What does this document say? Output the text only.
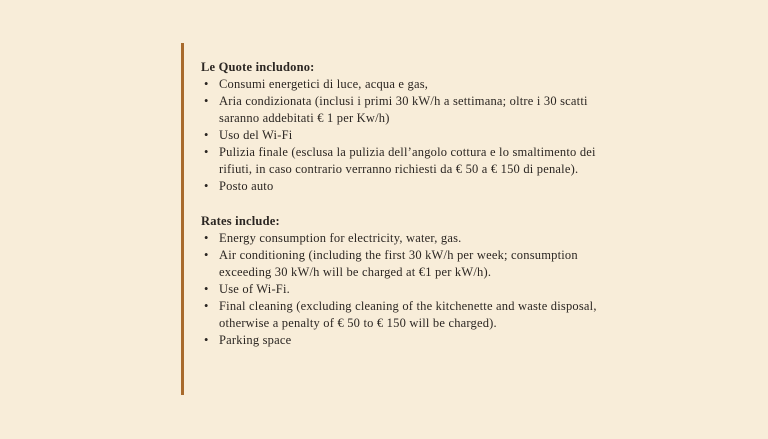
Le Quote includono:
• Consumi energetici di luce, acqua e gas,
• Aria condizionata (inclusi i primi 30 kW/h a settimana; oltre i 30 scatti saranno addebitati € 1 per Kw/h)
• Uso del Wi-Fi
• Pulizia finale (esclusa la pulizia dell’angolo cottura e lo smaltimento dei rifiuti, in caso contrario verranno richiesti da € 50 a € 150 di penale).
• Posto auto
Rates include:
• Energy consumption for electricity, water, gas.
• Air conditioning (including the first 30 kW/h per week; consumption exceeding 30 kW/h will be charged at €1 per kW/h).
• Use of Wi-Fi.
• Final cleaning (excluding cleaning of the kitchenette and waste disposal, otherwise a penalty of € 50 to € 150 will be charged).
• Parking space
